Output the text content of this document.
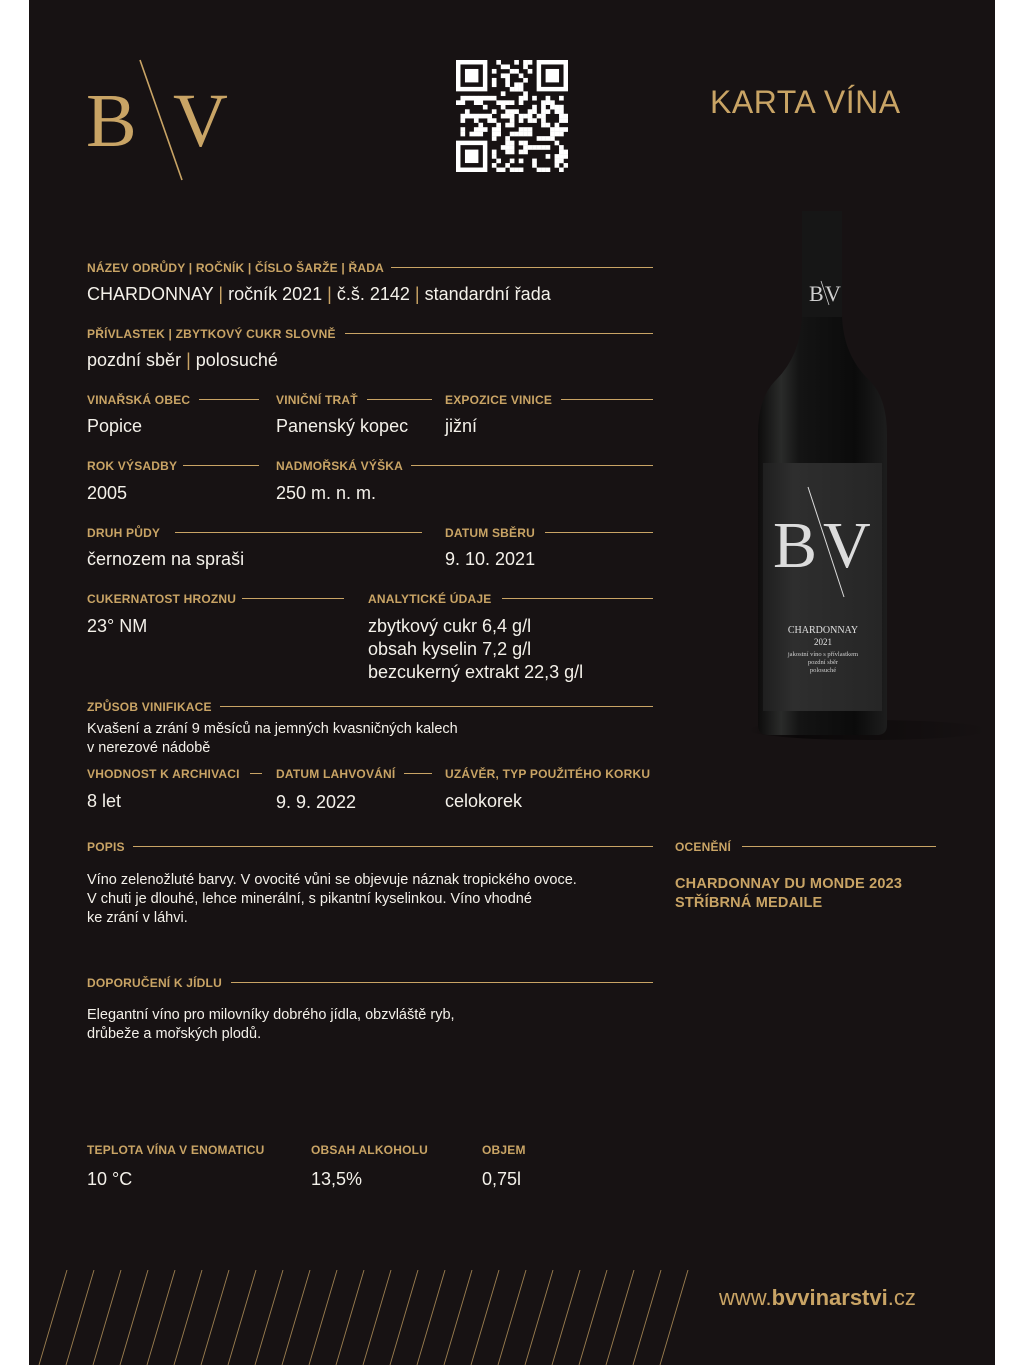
B V	KARTA VÍNA
B V
B V
CHARDONNAY
2021
jakostní víno s přívlastkem
pozdní sběr
polosuché
NÁZEV ODRŮDY | ROČNÍK | ČÍSLO ŠARŽE | ŘADA
CHARDONNAY | ročník 2021 | č.š. 2142 | standardní řada
PŘÍVLASTEK | ZBYTKOVÝ CUKR SLOVNĚ
pozdní sběr | polosuché
VINAŘSKÁ OBEC
Popice
VINIČNÍ TRAŤ
Panenský kopec
EXPOZICE VINICE
jižní
ROK VÝSADBY
2005
NADMOŘSKÁ VÝŠKA
250 m. n. m.
DRUH PŮDY
černozem na spraši
DATUM SBĚRU
9. 10. 2021
CUKERNATOST HROZNU
23° NM
ANALYTICKÉ ÚDAJE
zbytkový cukr 6,4 g/l
obsah kyselin 7,2 g/l
bezcukerný extrakt 22,3 g/l
ZPŮSOB VINIFIKACE
Kvašení a zrání 9 měsíců na jemných kvasničných kalech
v nerezové nádobě
VHODNOST K ARCHIVACI
8 let
DATUM LAHVOVÁNÍ
9. 9. 2022
UZÁVĚR, TYP POUŽITÉHO KORKU
celokorek
POPIS
Víno zelenožluté barvy. V ovocité vůni se objevuje náznak tropického ovoce.
V chuti je dlouhé, lehce minerální, s pikantní kyselinkou. Víno vhodné
ke zrání v láhvi.
OCENĚNÍ
CHARDONNAY DU MONDE 2023
STŘÍBRNÁ MEDAILE
DOPORUČENÍ K JÍDLU
Elegantní víno pro milovníky dobrého jídla, obzvláště ryb,
drůbeže a mořských plodů.
TEPLOTA VÍNA V ENOMATICU
10 °C
OBSAH ALKOHOLU
13,5%
OBJEM
0,75l
www.bvvinarstvi.cz
